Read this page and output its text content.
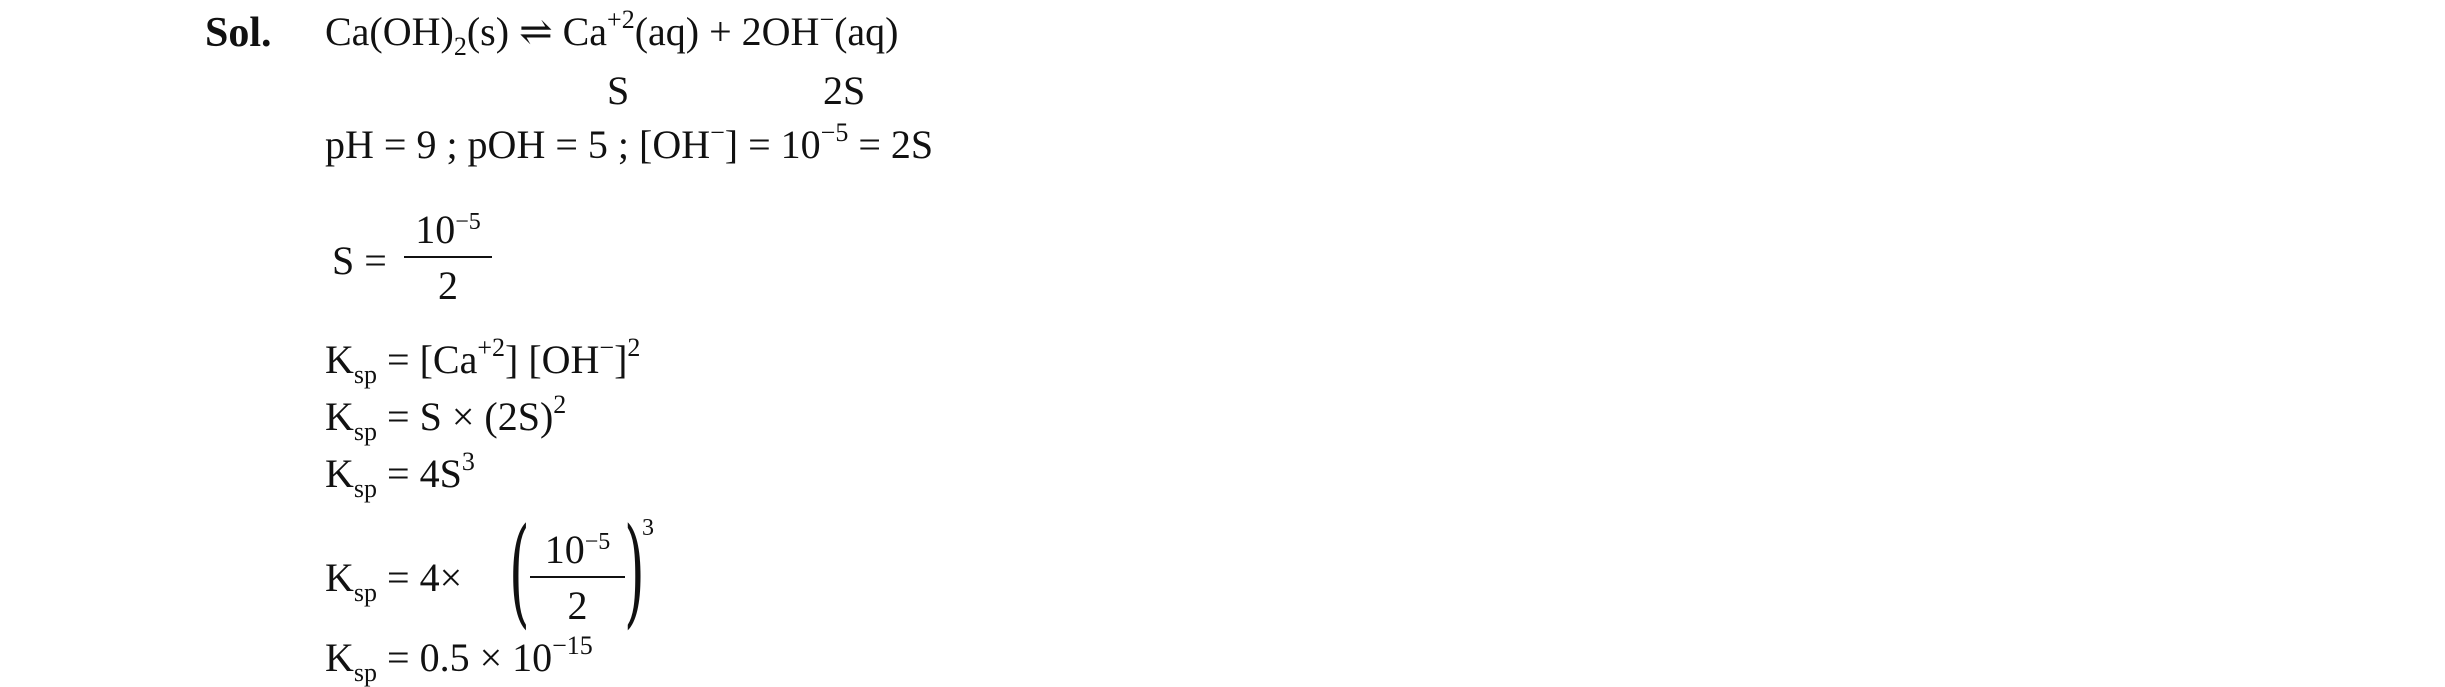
Sol. $Ca(OH)_2(s)$ ⇌ $Ca^{+2}(aq) + 2OH^-(aq)$
S	2S
pH = 9 ; pOH = 5 ; $[OH^-] = 10^{-5} = 2S$
S =
$10^{-5}$
2
$K_{sp} = [Ca^{+2}]$ $[OH^-]^2$
$K_{sp} = S \times (2S)^2$
$K_{sp} = 4S^3$
$K_{sp} = 4\times$ ( $10^{-5}$
2 )
3
$K_{sp} = 0.5 \times 10^{-15}$
